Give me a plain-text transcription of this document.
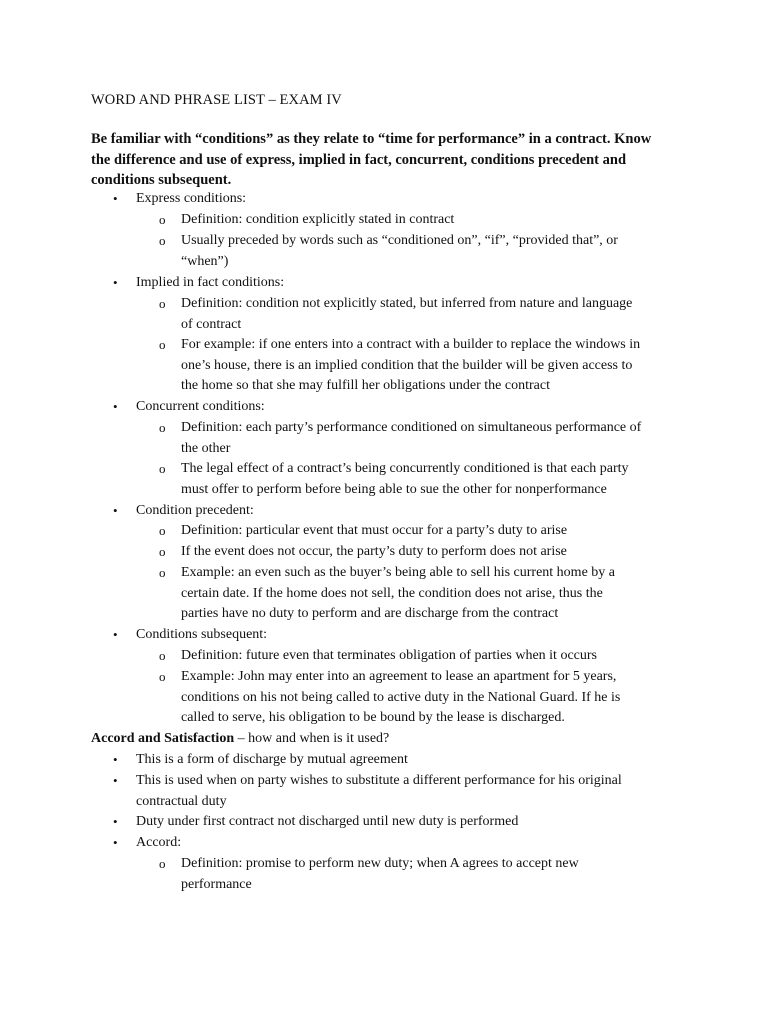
WORD AND PHRASE LIST – EXAM IV
Be familiar with “conditions” as they relate to “time for performance” in a contract. Know
the difference and use of express, implied in fact, concurrent, conditions precedent and
conditions subsequent.
• Express conditions:
o Definition: condition explicitly stated in contract
o Usually preceded by words such as “conditioned on”, “if”, “provided that”, or
“when”)
• Implied in fact conditions:
o Definition: condition not explicitly stated, but inferred from nature and language
of contract
o For example: if one enters into a contract with a builder to replace the windows in
one’s house, there is an implied condition that the builder will be given access to
the home so that she may fulfill her obligations under the contract
• Concurrent conditions:
o Definition: each party’s performance conditioned on simultaneous performance of
the other
o The legal effect of a contract’s being concurrently conditioned is that each party
must offer to perform before being able to sue the other for nonperformance
• Condition precedent:
o Definition: particular event that must occur for a party’s duty to arise
o If the event does not occur, the party’s duty to perform does not arise
o Example: an even such as the buyer’s being able to sell his current home by a
certain date. If the home does not sell, the condition does not arise, thus the
parties have no duty to perform and are discharge from the contract
• Conditions subsequent:
o Definition: future even that terminates obligation of parties when it occurs
o Example: John may enter into an agreement to lease an apartment for 5 years,
conditions on his not being called to active duty in the National Guard. If he is
called to serve, his obligation to be bound by the lease is discharged.
Accord and Satisfaction – how and when is it used?
• This is a form of discharge by mutual agreement
• This is used when on party wishes to substitute a different performance for his original
contractual duty
• Duty under first contract not discharged until new duty is performed
• Accord:
o Definition: promise to perform new duty; when A agrees to accept new
performance
